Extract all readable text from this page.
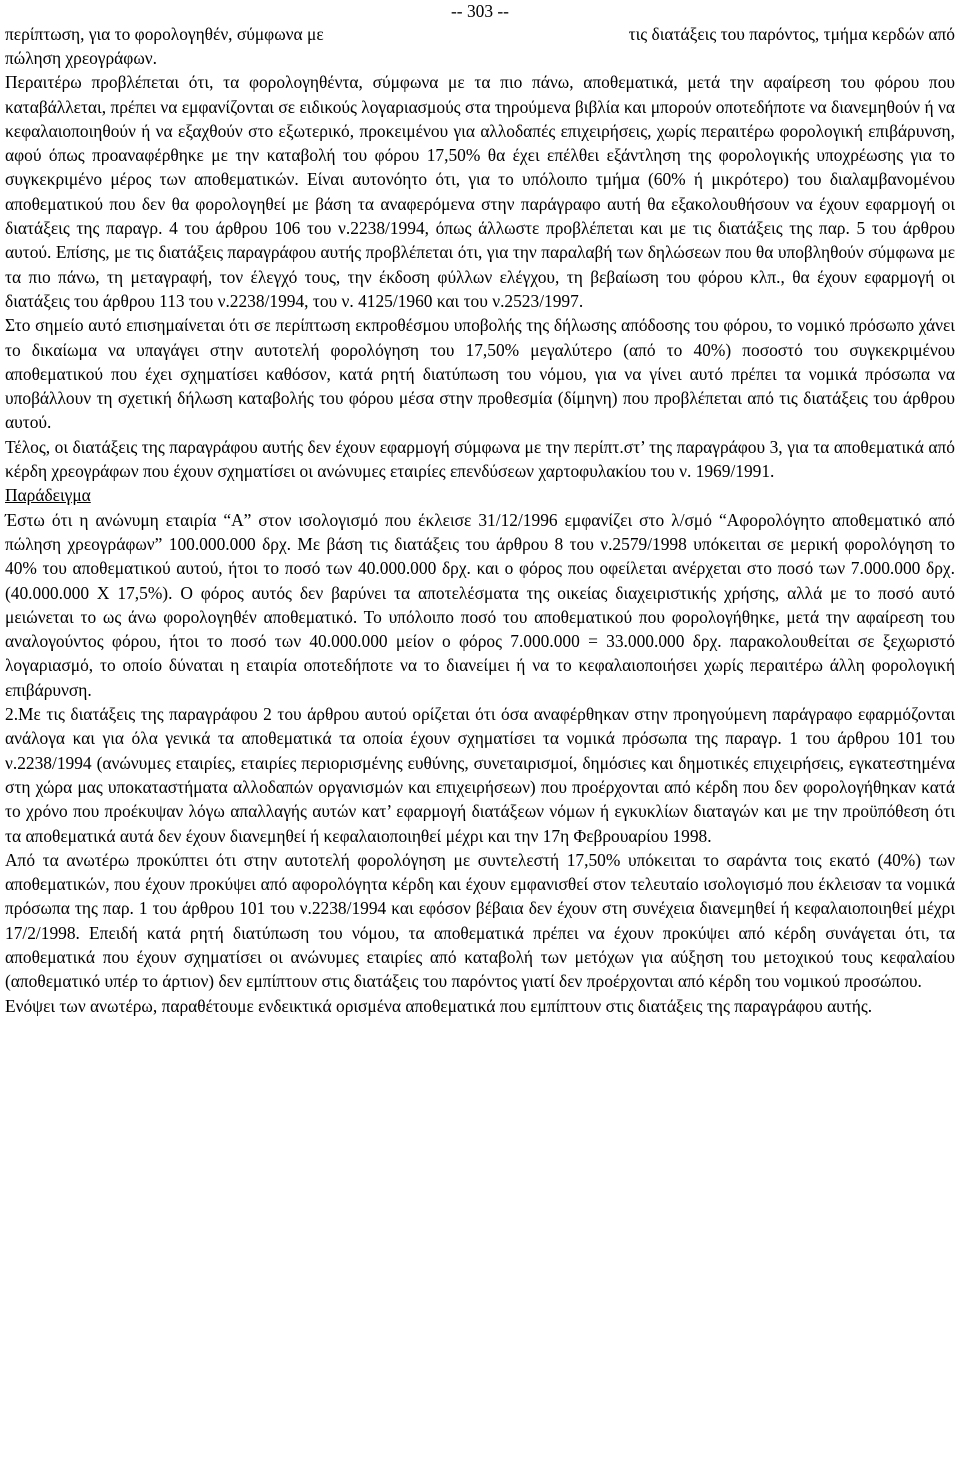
-- 303 --
περίπτωση, για το φορολογηθέν, σύμφωνα με	τις διατάξεις του παρόντος, τμήμα κερδών από

πώληση χρεογράφων.

Περαιτέρω προβλέπεται ότι, τα φορολογηθέντα, σύμφωνα με τα πιο πάνω, αποθεματικά, μετά την αφαίρεση του φόρου που καταβάλλεται, πρέπει να εμφανίζονται σε ειδικούς λογαριασμούς στα τηρούμενα βιβλία και μπορούν οποτεδήποτε να διανεμηθούν ή να κεφαλαιοποιηθούν ή να εξαχθούν στο εξωτερικό, προκειμένου για αλλοδαπές επιχειρήσεις, χωρίς περαιτέρω φορολογική επιβάρυνση, αφού όπως προαναφέρθηκε με την καταβολή του φόρου 17,50% θα έχει επέλθει εξάντληση της φορολογικής υποχρέωσης για το συγκεκριμένο μέρος των αποθεματικών. Είναι αυτονόητο ότι, για το υπόλοιπο τμήμα (60% ή μικρότερο) του διαλαμβανομένου αποθεματικού που δεν θα φορολογηθεί με βάση τα αναφερόμενα στην παράγραφο αυτή θα εξακολουθήσουν να έχουν εφαρμογή οι διατάξεις της παραγρ. 4 του άρθρου 106 του ν.2238/1994, όπως άλλωστε προβλέπεται και με τις διατάξεις της παρ. 5 του άρθρου αυτού. Επίσης, με τις διατάξεις παραγράφου αυτής προβλέπεται ότι, για την παραλαβή των δηλώσεων που θα υποβληθούν σύμφωνα με τα πιο πάνω, τη μεταγραφή, τον έλεγχό τους, την έκδοση φύλλων ελέγχου, τη βεβαίωση του φόρου κλπ., θα έχουν εφαρμογή οι διατάξεις του άρθρου 113 του ν.2238/1994, του ν. 4125/1960 και του ν.2523/1997.

Στο σημείο αυτό επισημαίνεται ότι σε περίπτωση εκπροθέσμου υποβολής της δήλωσης απόδοσης του φόρου, το νομικό πρόσωπο χάνει το δικαίωμα να υπαγάγει στην αυτοτελή φορολόγηση του 17,50% μεγαλύτερο (από το 40%) ποσοστό του συγκεκριμένου αποθεματικού που έχει σχηματίσει καθόσον, κατά ρητή διατύπωση του νόμου, για να γίνει αυτό πρέπει τα νομικά πρόσωπα να υποβάλλουν τη σχετική δήλωση καταβολής του φόρου μέσα στην προθεσμία (δίμηνη) που προβλέπεται από τις διατάξεις του άρθρου αυτού.

Τέλος, οι διατάξεις της παραγράφου αυτής δεν έχουν εφαρμογή σύμφωνα με την περίπτ.στ’ της παραγράφου 3, για τα αποθεματικά από κέρδη χρεογράφων που έχουν σχηματίσει οι ανώνυμες εταιρίες επενδύσεων χαρτοφυλακίου του ν. 1969/1991.

Παράδειγμα

Έστω ότι η ανώνυμη εταιρία “Α” στον ισολογισμό που έκλεισε 31/12/1996 εμφανίζει στο λ/σμό “Αφορολόγητο αποθεματικό από πώληση χρεογράφων” 100.000.000 δρχ. Με βάση τις διατάξεις του άρθρου 8 του ν.2579/1998 υπόκειται σε μερική φορολόγηση το 40% του αποθεματικού αυτού, ήτοι το ποσό των 40.000.000 δρχ. και ο φόρος που οφείλεται ανέρχεται στο ποσό των 7.000.000 δρχ. (40.000.000 Χ 17,5%). Ο φόρος αυτός δεν βαρύνει τα αποτελέσματα της οικείας διαχειριστικής χρήσης, αλλά με το ποσό αυτό μειώνεται το ως άνω φορολογηθέν αποθεματικό. Το υπόλοιπο ποσό του αποθεματικού που φορολογήθηκε, μετά την αφαίρεση του αναλογούντος φόρου, ήτοι το ποσό των 40.000.000 μείον ο φόρος 7.000.000 = 33.000.000 δρχ. παρακολουθείται σε ξεχωριστό λογαριασμό, το οποίο δύναται η εταιρία οποτεδήποτε να το διανείμει ή να το κεφαλαιοποιήσει χωρίς περαιτέρω άλλη φορολογική επιβάρυνση.

2.Με τις διατάξεις της παραγράφου 2 του άρθρου αυτού ορίζεται ότι όσα αναφέρθηκαν στην προηγούμενη παράγραφο εφαρμόζονται ανάλογα και για όλα γενικά τα αποθεματικά τα οποία έχουν σχηματίσει τα νομικά πρόσωπα της παραγρ. 1 του άρθρου 101 του ν.2238/1994 (ανώνυμες εταιρίες, εταιρίες περιορισμένης ευθύνης, συνεταιρισμοί, δημόσιες και δημοτικές επιχειρήσεις, εγκατεστημένα στη χώρα μας υποκαταστήματα αλλοδαπών οργανισμών και επιχειρήσεων) που προέρχονται από κέρδη που δεν φορολογήθηκαν κατά το χρόνο που προέκυψαν λόγω απαλλαγής αυτών κατ’ εφαρμογή διατάξεων νόμων ή εγκυκλίων διαταγών και με την προϋπόθεση ότι τα αποθεματικά αυτά δεν έχουν διανεμηθεί ή κεφαλαιοποιηθεί μέχρι και την 17η Φεβρουαρίου 1998.

Από τα ανωτέρω προκύπτει ότι στην αυτοτελή φορολόγηση με συντελεστή 17,50% υπόκειται το σαράντα τοις εκατό (40%) των αποθεματικών, που έχουν προκύψει από αφορολόγητα κέρδη και έχουν εμφανισθεί στον τελευταίο ισολογισμό που έκλεισαν τα νομικά πρόσωπα της παρ. 1 του άρθρου 101 του ν.2238/1994 και εφόσον βέβαια δεν έχουν στη συνέχεια διανεμηθεί ή κεφαλαιοποιηθεί μέχρι 17/2/1998. Επειδή κατά ρητή διατύπωση του νόμου, τα αποθεματικά πρέπει να έχουν προκύψει από κέρδη συνάγεται ότι, τα αποθεματικά που έχουν σχηματίσει οι ανώνυμες εταιρίες από καταβολή των μετόχων για αύξηση του μετοχικού τους κεφαλαίου (αποθεματικό υπέρ το άρτιον) δεν εμπίπτουν στις διατάξεις του παρόντος γιατί δεν προέρχονται από κέρδη του νομικού προσώπου.

Ενόψει των ανωτέρω, παραθέτουμε ενδεικτικά ορισμένα αποθεματικά που εμπίπτουν στις διατάξεις της παραγράφου αυτής.
